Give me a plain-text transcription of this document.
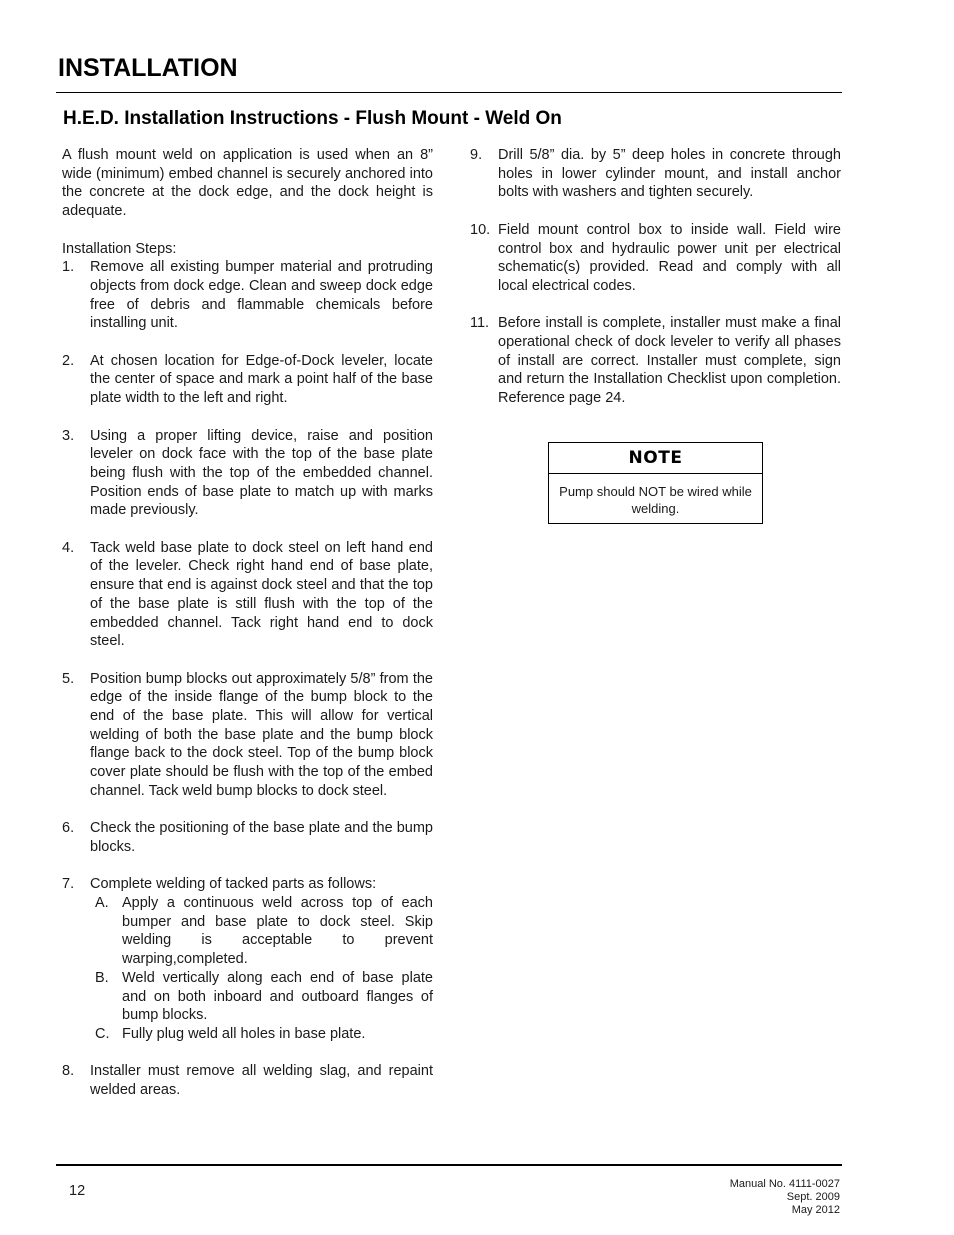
INSTALLATION
H.E.D. Installation Instructions - Flush Mount - Weld On

A flush mount weld on application is used when an 8” wide (minimum) embed channel is securely anchored into the concrete at the dock edge, and the dock height is adequate.

Installation Steps:

1. Remove all existing bumper material and protruding objects from dock edge. Clean and sweep dock edge free of debris and flammable chemicals before installing unit.
2. At chosen location for Edge-of-Dock leveler, locate the center of space and mark a point half of the base plate width to the left and right.
3. Using a proper lifting device, raise and position leveler on dock face with the top of the base plate being flush with the top of the embedded channel. Position ends of base plate to match up with marks made previously.
4. Tack weld base plate to dock steel on left hand end of the leveler. Check right hand end of base plate, ensure that end is against dock steel and that the top of the base plate is still flush with the top of the embedded channel. Tack right hand end to dock steel.
5. Position bump blocks out approximately 5/8” from the edge of the inside flange of the bump block to the end of the base plate. This will allow for vertical welding of both the base plate and the bump block flange back to the dock steel. Top of the bump block cover plate should be flush with the top of the embed channel. Tack weld bump blocks to dock steel.
6. Check the positioning of the base plate and the bump blocks.
7. Complete welding of tacked parts as follows:
A. Apply a continuous weld across top of each bumper and base plate to dock steel. Skip welding is acceptable to prevent warping,completed.
B. Weld vertically along each end of base plate and on both inboard and outboard flanges of bump blocks.
C. Fully plug weld all holes in base plate.
8. Installer must remove all welding slag, and repaint welded areas.
9. Drill 5/8” dia. by 5” deep holes in concrete through holes in lower cylinder mount, and install anchor bolts with washers and tighten securely.
10. Field mount control box to inside wall. Field wire control box and hydraulic power unit per electrical schematic(s) provided. Read and comply with all local electrical codes.
11. Before install is complete, installer must make a final operational check of dock leveler to verify all phases of install are correct. Installer must complete, sign and return the Installation Checklist upon completion. Reference page 24.
NOTE
Pump should NOT be wired while welding.
12	Manual No. 4111-0027
Sept. 2009
May 2012
